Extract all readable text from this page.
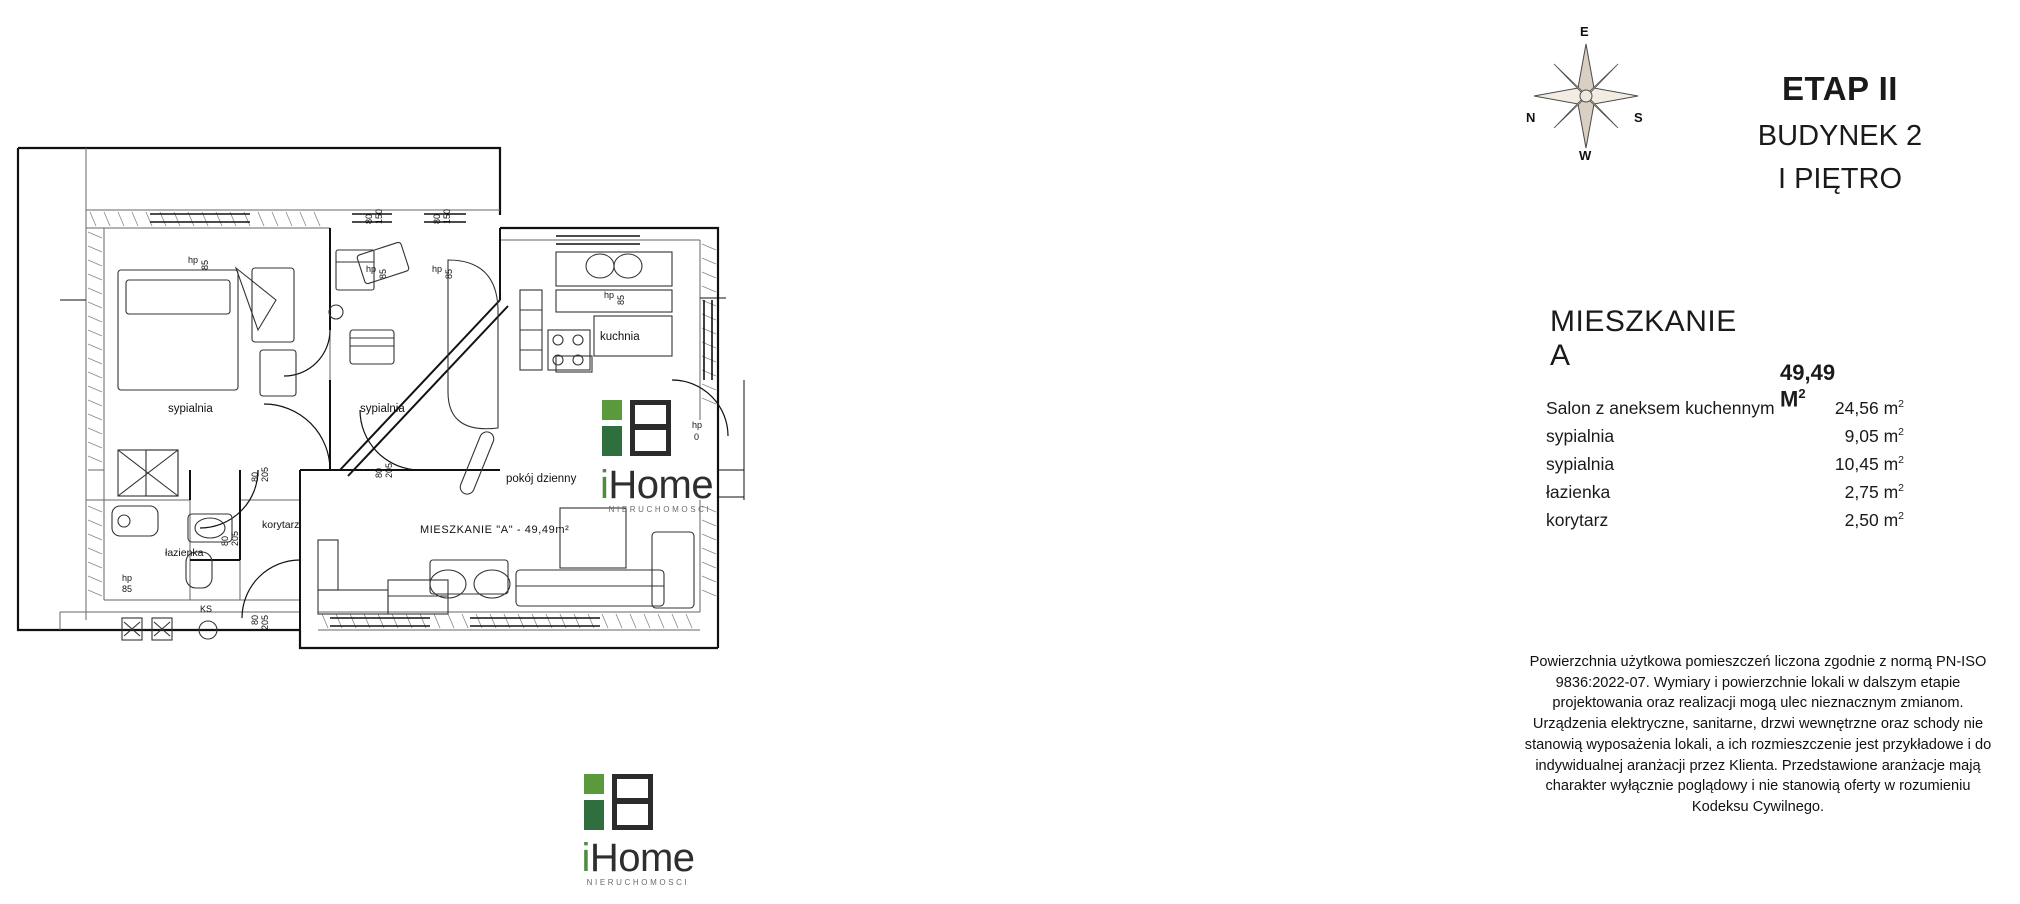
sypialnia	sypialnia
kuchnia
pokój dzienny
korytarz
łazienka
MIESZKANIE "A" - 49,49m²
hp 85	hp 85	hp 85
hp 85
hp
0
hp
85
80 150	80 150
80 205	80 205
80 205
80 205
KS
iHome
NIERUCHOMOSCI
N	S
E
W
ETAP II
BUDYNEK 2
I PIĘTRO
MIESZKANIE A
49,49 $M^2$
Salon z aneksem kuchennym	24,56 $m^2$
sypialnia	9,05 $m^2$
sypialnia	10,45 $m^2$
łazienka	2,75 $m^2$
korytarz	2,50 $m^2$
Powierzchnia użytkowa pomieszczeń liczona zgodnie z normą PN-ISO 9836:2022-07. Wymiary i powierzchnie lokali w dalszym etapie projektowania oraz realizacji mogą ulec nieznacznym zmianom. Urządzenia elektryczne, sanitarne, drzwi wewnętrzne oraz schody nie stanowią wyposażenia lokali, a ich rozmieszczenie jest przykładowe i do indywidualnej aranżacji przez Klienta. Przedstawione aranżacje mają charakter wyłącznie poglądowy i nie stanowią oferty w rozumieniu Kodeksu Cywilnego.
iHome
NIERUCHOMOSCI
